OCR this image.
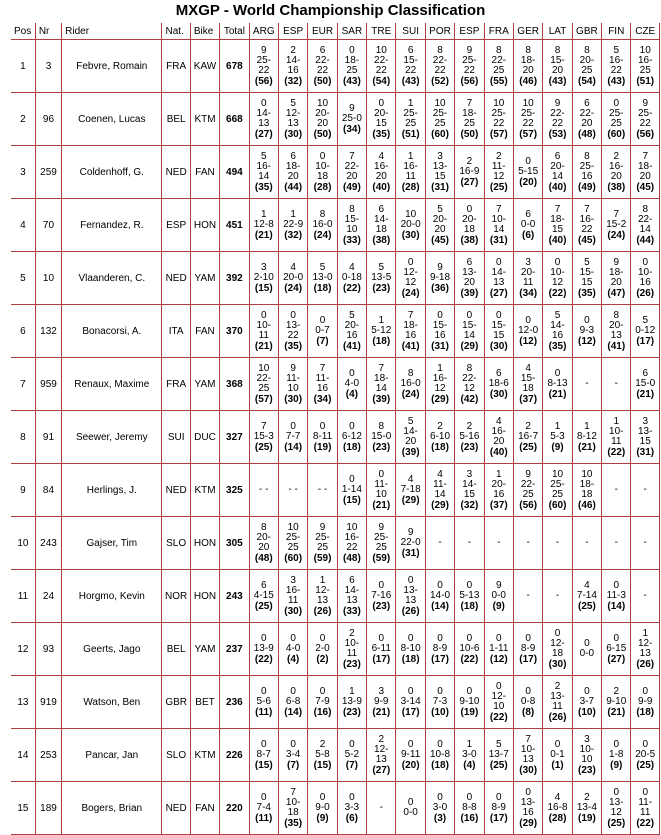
MXGP - World Championship Classification
Pos	Nr	Rider	Nat.	Bike	Total	ARG	ESP	EUR	SAR	TRE	SUI	POR	ESP	FRA	GER	LAT	GBR	FIN	CZE
1	3	Febvre, Romain	FRA	KAW	678	9
25-
22
(56)	2
14-
16
(32)	6
22-
22
(50)	0
18-
25
(43)	10
22-
22
(54)	6
15-
22
(43)	8
22-
22
(52)	9
25-
22
(56)	8
22-
25
(55)	8
18-
20
(46)	8
15-
20
(43)	8
20-
25
(54)	5
16-
22
(43)	10
16-
25
(51)

2	96	Coenen, Lucas	BEL	KTM	668	0
14-
13
(27)	5
12-
13
(30)	10
20-
20
(50)	9
25-0
(34)	0
20-
15
(35)	1
25-
25
(51)	10
25-
25
(60)	7
18-
25
(50)	10
25-
22
(57)	10
25-
22
(57)	9
22-
22
(53)	6
22-
20
(48)	0
25-
25
(60)	9
25-
22
(56)

3	259	Coldenhoff, G.	NED	FAN	494	5
16-
14
(35)	6
18-
20
(44)	0
10-
18
(28)	7
22-
20
(49)	4
16-
20
(40)	1
16-
11
(28)	3
13-
15
(31)	2
16-9
(27)	2
11-
12
(25)	0
5-15
(20)	6
20-
14
(40)	8
25-
16
(49)	2
16-
20
(38)	7
18-
20
(45)

4	70	Fernandez, R.	ESP	HON	451	1
12-8
(21)	1
22-9
(32)	8
16-0
(24)	8
15-
10
(33)	6
14-
18
(38)	10
20-0
(30)	5
20-
20
(45)	0
20-
18
(38)	7
10-
14
(31)	6
0-0
(6)	7
18-
15
(40)	7
16-
22
(45)	7
15-2
(24)	8
22-
14
(44)

5	10	Vlaanderen, C.	NED	YAM	392	3
2-10
(15)	4
20-0
(24)	5
13-0
(18)	4
0-18
(22)	5
13-5
(23)	0
12-
12
(24)	9
9-18
(36)	6
13-
20
(39)	0
14-
13
(27)	3
20-
11
(34)	0
10-
12
(22)	5
15-
15
(35)	9
18-
20
(47)	0
10-
16
(26)

6	132	Bonacorsi, A.	ITA	FAN	370	0
10-
11
(21)	0
13-
22
(35)	0
0-7
(7)	5
20-
16
(41)	1
5-12
(18)	7
18-
16
(41)	0
15-
16
(31)	0
15-
14
(29)	0
15-
15
(30)	0
12-0
(12)	5
14-
16
(35)	0
9-3
(12)	8
20-
13
(41)	5
0-12
(17)

7	959	Renaux, Maxime	FRA	YAM	368	10
22-
25
(57)	9
11-
10
(30)	7
11-
16
(34)	0
4-0
(4)	7
18-
14
(39)	8
16-0
(24)	1
16-
12
(29)	8
22-
12
(42)	6
18-6
(30)	4
15-
18
(37)	0
8-13
(21)	-	-	6
15-0
(21)

8	91	Seewer, Jeremy	SUI	DUC	327	7
15-3
(25)	0
7-7
(14)	0
8-11
(19)	0
6-12
(18)	8
15-0
(23)	5
14-
20
(39)	2
6-10
(18)	2
5-16
(23)	4
16-
20
(40)	2
16-7
(25)	1
5-3
(9)	1
8-12
(21)	1
10-
11
(22)	3
13-
15
(31)

9	84	Herlings, J.	NED	KTM	325	- -	- -	- -	0
1-14
(15)	0
11-
10
(21)	4
7-18
(29)	4
11-
14
(29)	3
14-
15
(32)	1
20-
16
(37)	9
22-
25
(56)	10
25-
25
(60)	10
18-
18
(46)	-	-

10	243	Gajser, Tim	SLO	HON	305	8
20-
20
(48)	10
25-
25
(60)	9
25-
25
(59)	10
16-
22
(48)	9
25-
25
(59)	9
22-0
(31)	-	-	-	-	-	-	-	-

11	24	Horgmo, Kevin	NOR	HON	243	6
4-15
(25)	3
16-
11
(30)	1
12-
13
(26)	6
14-
13
(33)	0
7-16
(23)	0
13-
13
(26)	0
14-0
(14)	0
5-13
(18)	9
0-0
(9)	-	-	4
7-14
(25)	0
11-3
(14)	-

12	93	Geerts, Jago	BEL	YAM	237	0
13-9
(22)	0
4-0
(4)	0
2-0
(2)	2
10-
11
(23)	0
6-11
(17)	0
8-10
(18)	0
8-9
(17)	0
10-6
(22)	0
1-11
(12)	0
8-9
(17)	0
12-
18
(30)	0
0-0	0
6-15
(27)	1
12-
13
(26)

13	919	Watson, Ben	GBR	BET	236	0
5-6
(11)	0
6-8
(14)	0
7-9
(16)	1
13-9
(23)	3
9-9
(21)	0
3-14
(17)	0
7-3
(10)	0
9-10
(19)	0
12-
10
(22)	0
0-8
(8)	2
13-
11
(26)	0
3-7
(10)	2
9-10
(21)	0
9-9
(18)

14	253	Pancar, Jan	SLO	KTM	226	0
8-7
(15)	0
3-4
(7)	2
5-8
(15)	0
5-2
(7)	2
12-
13
(27)	0
9-11
(20)	0
10-8
(18)	1
3-0
(4)	5
13-7
(25)	7
10-
13
(30)	0
0-1
(1)	3
10-
10
(23)	0
1-8
(9)	0
20-5
(25)

15	189	Bogers, Brian	NED	FAN	220	0
7-4
(11)	7
10-
18
(35)	0
9-0
(9)	0
3-3
(6)	-	0
0-0	0
3-0
(3)	0
8-8
(16)	0
8-9
(17)	0
13-
16
(29)	4
16-8
(28)	2
13-4
(19)	0
13-
12
(25)	0
11-
11
(22)
